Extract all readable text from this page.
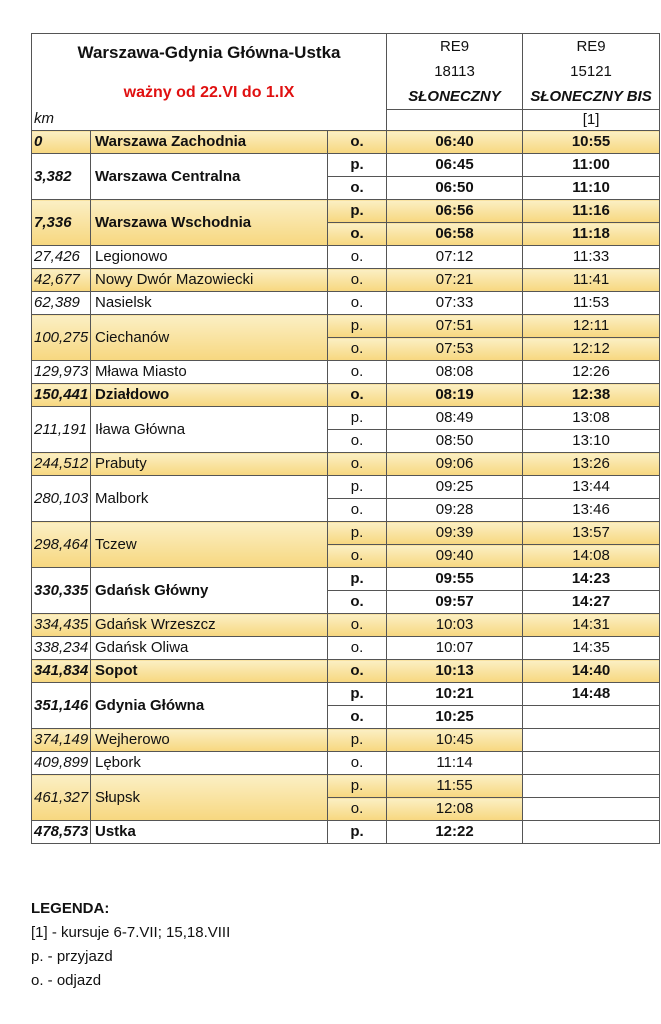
Warszawa-Gdynia Główna-Ustka
ważny od 22.VI do 1.IX			RE9	RE9
			18113	15121
			SŁONECZNY	SŁONECZNY BIS
km				[1]
0	Warszawa Zachodnia	o.	06:40	10:55
3,382	Warszawa Centralna	p.	06:45	11:00
		o.	06:50	11:10
7,336	Warszawa Wschodnia	p.	06:56	11:16
		o.	06:58	11:18
27,426	Legionowo	o.	07:12	11:33
42,677	Nowy Dwór Mazowiecki	o.	07:21	11:41
62,389	Nasielsk	o.	07:33	11:53
100,275	Ciechanów	p.	07:51	12:11
		o.	07:53	12:12
129,973	Mława Miasto	o.	08:08	12:26
150,441	Działdowo	o.	08:19	12:38
211,191	Iława Główna	p.	08:49	13:08
		o.	08:50	13:10
244,512	Prabuty	o.	09:06	13:26
280,103	Malbork	p.	09:25	13:44
		o.	09:28	13:46
298,464	Tczew	p.	09:39	13:57
		o.	09:40	14:08
330,335	Gdańsk Główny	p.	09:55	14:23
		o.	09:57	14:27
334,435	Gdańsk Wrzeszcz	o.	10:03	14:31
338,234	Gdańsk Oliwa	o.	10:07	14:35
341,834	Sopot	o.	10:13	14:40
351,146	Gdynia Główna	p.	10:21	14:48
		o.	10:25	
374,149	Wejherowo	p.	10:45	
409,899	Lębork	o.	11:14	
461,327	Słupsk	p.	11:55	
		o.	12:08	
478,573	Ustka	p.	12:22	
LEGENDA:
[1] - kursuje 6-7.VII; 15,18.VIII
p. - przyjazd
o. - odjazd
